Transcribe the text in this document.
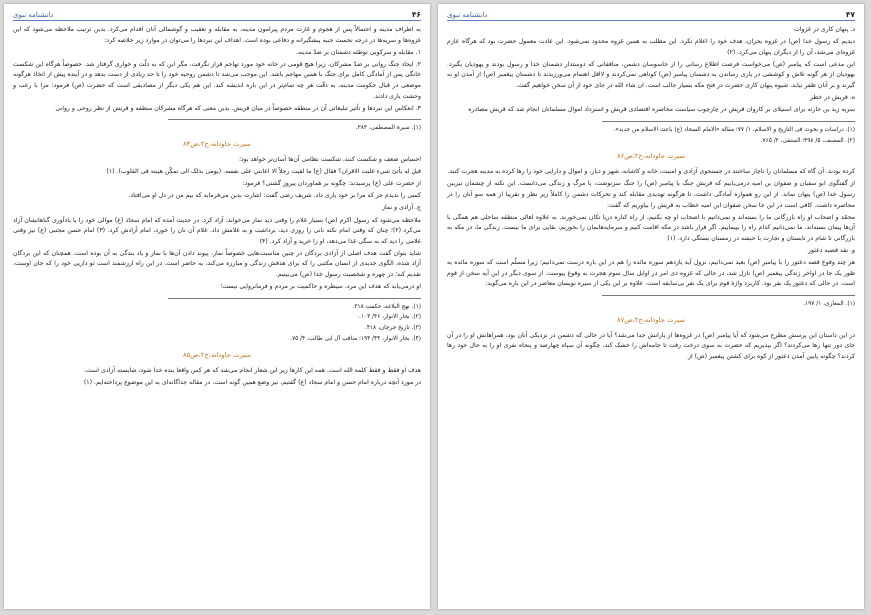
۴۶
دانشنامه نبوی

به اطراف مدینه و احتمالاً پس از هجوم و غارت مردم پیرامون مدینه، به مقابله و تعقیب و گوشمالی آنان اقدام می‌کرد. بدین ترتیب ملاحظه می‌شود که این غزوه‌ها و سریه‌ها در درجه نخست جنبه پیشگیرانه و دفاعی بوده است. اهداف این نبردها را می‌توان در موارد زیر خلاصه کرد:

۱. مقابله و سرکوبی توطئه دشمنان بر ضدّ مدینه.

۲. ایجاد جنگ روانی بر ضدّ مشرکان، زیرا هیچ قومی در خانه خود مورد تهاجم قرار نگرفت، مگر این که به ذلّت و خواری گرفتار شد. خصوصاً هرگاه این شکست خانگی پس از آمادگی کامل برای جنگ با همین مهاجم باشد. این موجب می‌شد تا دشمن روحیه خود را تا حد زیادی از دست بدهد و در آینده پیش از اتخاذ هرگونه موضعی در قبال حکومت مدینه، به دقّت هر چه تمام‌تر در این باره اندیشه کند. این هم یکی دیگر از مصادیقی است که حضرت (ص) فرمود: مرا با رعب و وحشت یاری دادند.

۳. انعکاس این نبردها و تأثیر تبلیغاتی آن در منطقه خصوصاً در میان قریش. بدین معنی که هرگاه مشرکان منطقه و قریش از نظر روحی و روانی

(۱). سیرة المصطفی، ۳۸۳.

سیرت جاودانه،ج۲،ص۸۴

احساس ضعف و شکست کنند، شکست نظامی آن‌ها آسان‌تر خواهد بود؛

قیل له یأتیّ شیء غلبت الاقران؟ فقال (ع) ما لقیت رجلاً الا اعانني علی نفسه. (یومی بذلک الی تمکّن هیبته فی القلوب). (۱)

از حضرت علی (ع) پرسیدند: چگونه بر هماوردان پیروز گشتی؟ فرمود:

کسی را ندیدم جز که مرا بر خود یاری داد. شریف رضی گفت: اشارت بدین می‌فرماید که بیم من در دل او می‌افتاد.

ج. آزادی و نماز

ملاحظه می‌شود که رسول اکرم (ص) بسیار غلام را وقتی دید نماز می‌خواند، آزاد کرد. در حدیث آمده که امام سجاد (ع) موالی خود را یا یادآوری گناهانشان آزاد می‌کرد (۲)؛ چنان که وقتی امام نکته نانی را روزی دید، برداشت و به غلامش داد. غلام آن نان را خورد، امام آزادش کرد. (۳) امام حسن مجتبی (ع) نیز وقتی غلامی را دید که به سگی غذا می‌دهد، او را خرید و آزاد کرد. (۴)

شاید بتوان گفت هدف اصلی از آزادی بردگان در چنین مناسبت‌هایی خصوصاً نماز، پیوند دادن آن‌ها با نماز و یاد بندگی به آن بوده است. همچنان که این بردگان آزاد شده، الگوی جدیدی از انسان مکتبی را که برای هدفش زندگی و مبارزه می‌کند، به حاضر است. در این راه ارزشمند است تو داریی خود را که جان اوست، تقدیم کند؛ در چهره و شخصیت رسول خدا (ص) می‌بینیم.

او درمی‌یابد که هدف این مرد، سیطره و حاکمیت بر مردم و فرمانروایی نیست؛

(۱). نهج البلاغه، حکمت ۳۱۸.

(۲). بحار الانوار، ۴۶/ ۱۰۳.

(۳). تاریخ جرجان، ۴۱۸.

(۴). بحار الانوار، ۴۴/ ۱۹۴؛ مناقب آل ابی طالب، ۴/ ۷۵.

سیرت جاودانه،ج۲،ص۸۵

هدف او فقط و فقط کلمة الله است. همه این کارها زیر این شعار انجام می‌شد که هر کس واقعا بنده خدا شود، شایسته آزادی است.

در مورد آنچه درباره امام حسن و امام سجاد (ع) گفتیم، نیز وضع همین گونه است. در مقاله جداگانه‌ای به این موضوع پرداخته‌ایم. (۱)

۴۷
دانشنامه نبوی

د. پنهان کاری در غزوات

دیدیم که رسول خدا (ص) در غزوه بحران، هدف خود را اعلام نکرد. این مطلب به همین غزوه محدود نمی‌شود. این عادت معمول حضرت بود که هرگاه عازم غزوه‌ای می‌شد، آن را از دیگران پنهان می‌کرد. (۲)

این مدعی است که پیامبر (ص) می‌خواست فرصت اطلاع رسانی را از جاسوسان دشمن، منافقانی که دوستدار دشمنان خدا و رسول بودند و یهودیان بگیرد. یهودیان از هر گونه تلاش و کوششی در یاری رساندن به دشمنان پیامبر (ص) کوتاهی نمی‌کردند و لااقل اهتمام می‌ورزیدند تا دشمنان پیغمبر (ص) از آمدن او به گیرند و بر آنان ظفر نیابد. شیوه پنهان کاری حضرت در فتح مکه بسیار جالب است. ان شاء الله در جای خود از آن سخن خواهیم گفت.

ه. قریش در خطر

سریه زید بن حارثه برای استیلای بر کاروان قریش در چارچوب سیاست محاصره اقتصادی قریش و استرداد اموال مسلمانان انجام شد که قریش مصادره

(۱). دراسات و بحوث فی التاریخ و الاسلام، ۱/ ۷۷؛ مقالة «الامام السجاد (ع) باعث الاسلام من جدید».

(۲). المصنف، ۵/ ۳۹۸؛ المنتقی، ۲/ ۷۶۵.

سیرت جاودانه،ج۲،ص۸۶

کرده بودند. آن گاه که مسلمانان را ناچار ساختند در جستجوی آزادی و امنیت، خانه و کاشانه، شهر و دیار، و اموال و دارایی خود را رها کرده به مدینه هجرت کنند.

از گفتگوی ابو سفیان و صفوان بن امیه درمی‌یابیم که قریش جنگ با پیامبر (ص) را جنگ سرنوشت، یا مرگ و زندگی می‌دانست. این نکته از چشمان تیزبین رسول خدا (ص) پنهان نماند. از این رو همواره آمادگی داشت، تا هرگونه تهدیدی مقابله کند و تحرکات دشمن را کاملاً زیر نظر و تقریبا از همه سو آنان را در محاصره داشت. کافی است در این جا سخن صفوان ابن امیه خطاب به قریش را بیاوریم که گفت:

محمّد و اصحاب او راه بازرگانی ما را بسته‌اند و نمی‌دانیم با اصحاب او چه بکنیم، از راه کناره دریا تکان نمی‌خورند. به علاوه اهالی منطقه ساحلی هم همگی با آن‌ها پیمان بسته‌اند. ما نمی‌دانیم کدام راه را بپیماییم. اگر قرار باشد در مکه اقامت کنیم و سرمایه‌هایمان را بخوریم، بقایی برای ما نیست. زندگی ما، در مکه به بازرگانی تا شام در تابستان و تجارت با حبشه در زمستان بستگی دارد. (۱)

و. نقد قضیه دعثور

هر چند وقوع قصه دعثور را با پیامبر (ص) بعید نمی‌دانیم، نزول آیة یازدهم سوره مائده را هم در این باره درست نمی‌دانیم؛ زیرا مسلّم است که سوره مائده به طور یک جا در اواخر زندگی پیغمبر (ص) نازل شد، در حالی که غزوه ذی امر در اوایل سال سوم هجرت به وقوع پیوست. از سوی دیگر در این آیه سخن از قوم است. در حالی که دعثور یک نفر بود. کاربرد واژة قوم برای یک نفر بی‌سابقه است. علاوه بر این یکی از سیره نویسان معاصر در این باره می‌گوید:

(۱). المغازی، ۱/ ۱۹۷.

سیرت جاودانه،ج۲،ص۸۷

در این داستان این پرسش مطرح می‌شود که آیا پیامبر (ص) در غزوه‌ها از یارانش جدا می‌شد؟ آیا در حالی که دشمن در نزدیکی آنان بود، همراهانش او را در آن جای دور تنها رها می‌کردند؟ اگر بپذیریم که حضرت به سوی درخت رفت تا جامه‌اش را خشک کند، چگونه آن سپاه چهارصد و پنجاه نفری او را به حال خود رها کردند؟ چگونه پایین آمدن دعثور از کوه برای کشتن پیغمبر (ص) از
